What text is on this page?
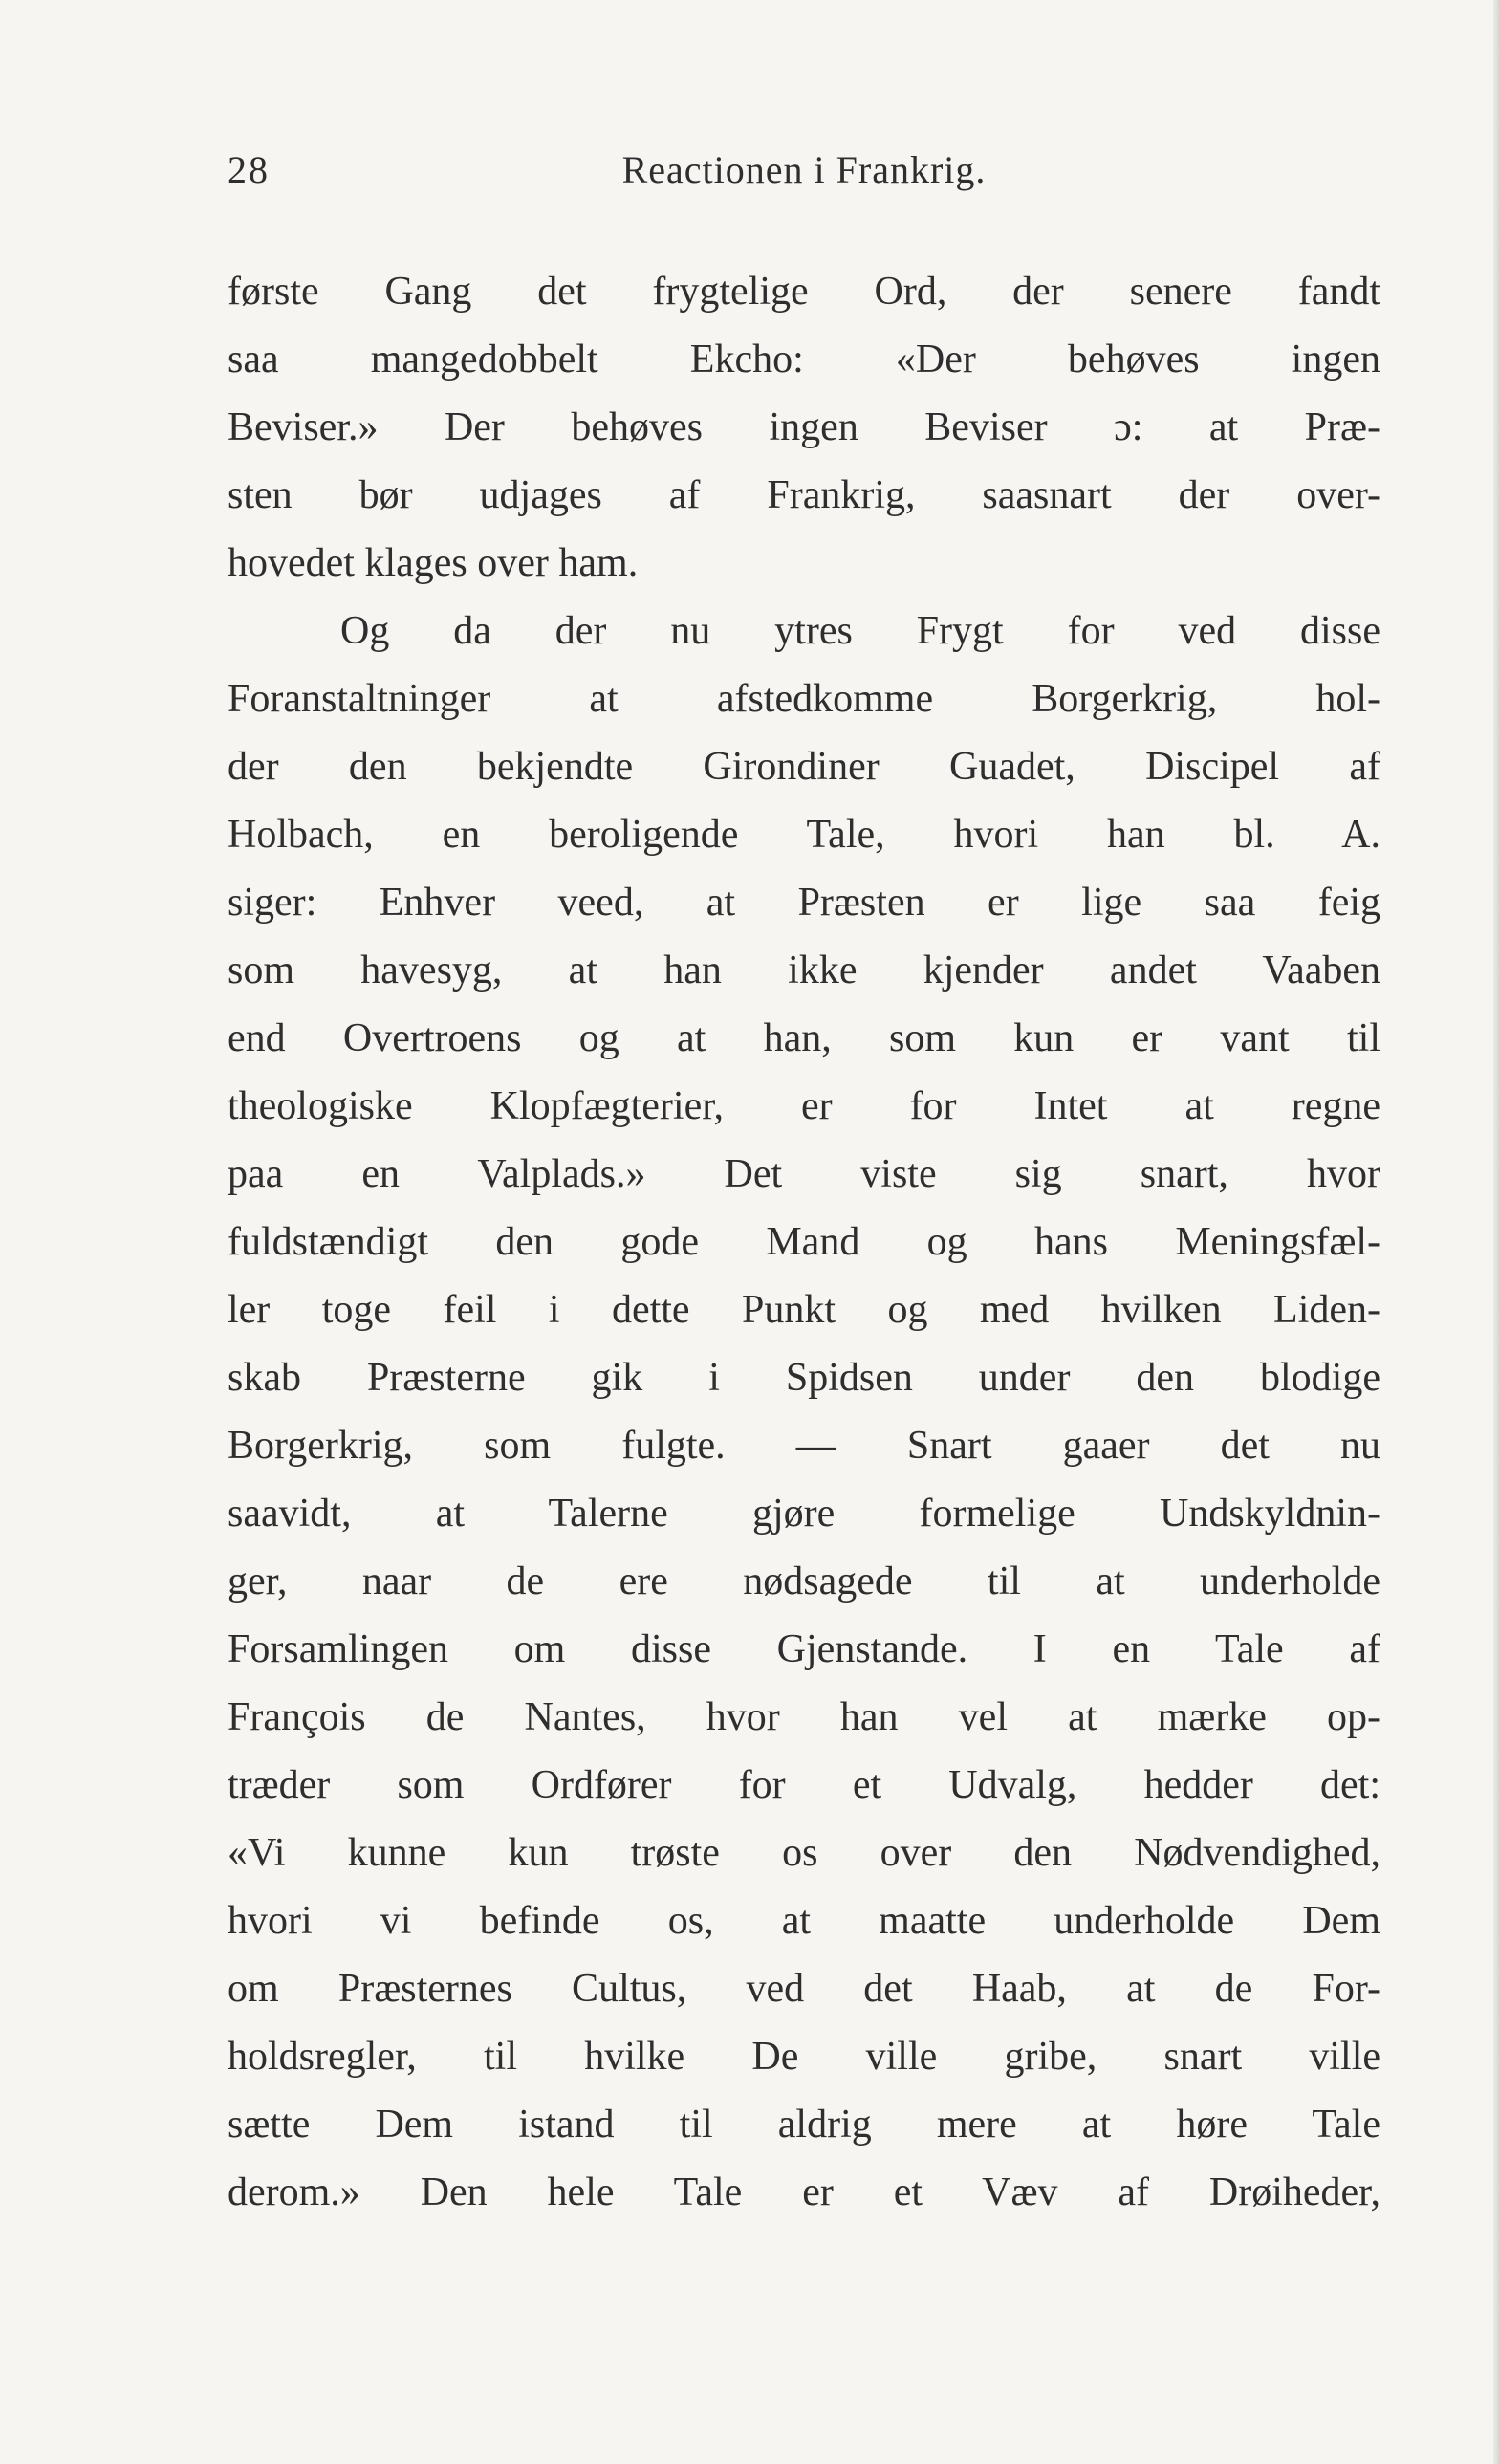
28	Reactionen i Frankrig.
første Gang det frygtelige Ord, der senere fandt
saa mangedobbelt Ekcho: «Der behøves ingen
Beviser.» Der behøves ingen Beviser ɔ: at Præ-
sten bør udjages af Frankrig, saasnart der over-
hovedet klages over ham.
Og da der nu ytres Frygt for ved disse
Foranstaltninger at afstedkomme Borgerkrig, hol-
der den bekjendte Girondiner Guadet, Discipel af
Holbach, en beroligende Tale, hvori han bl. A.
siger: Enhver veed, at Præsten er lige saa feig
som havesyg, at han ikke kjender andet Vaaben
end Overtroens og at han, som kun er vant til
theologiske Klopfægterier, er for Intet at regne
paa en Valplads.» Det viste sig snart, hvor
fuldstændigt den gode Mand og hans Meningsfæl-
ler toge feil i dette Punkt og med hvilken Liden-
skab Præsterne gik i Spidsen under den blodige
Borgerkrig, som fulgte. — Snart gaaer det nu
saavidt, at Talerne gjøre formelige Undskyldnin-
ger, naar de ere nødsagede til at underholde
Forsamlingen om disse Gjenstande. I en Tale af
François de Nantes, hvor han vel at mærke op-
træder som Ordfører for et Udvalg, hedder det:
«Vi kunne kun trøste os over den Nødvendighed,
hvori vi befinde os, at maatte underholde Dem
om Præsternes Cultus, ved det Haab, at de For-
holdsregler, til hvilke De ville gribe, snart ville
sætte Dem istand til aldrig mere at høre Tale
derom.» Den hele Tale er et Væv af Drøiheder,
